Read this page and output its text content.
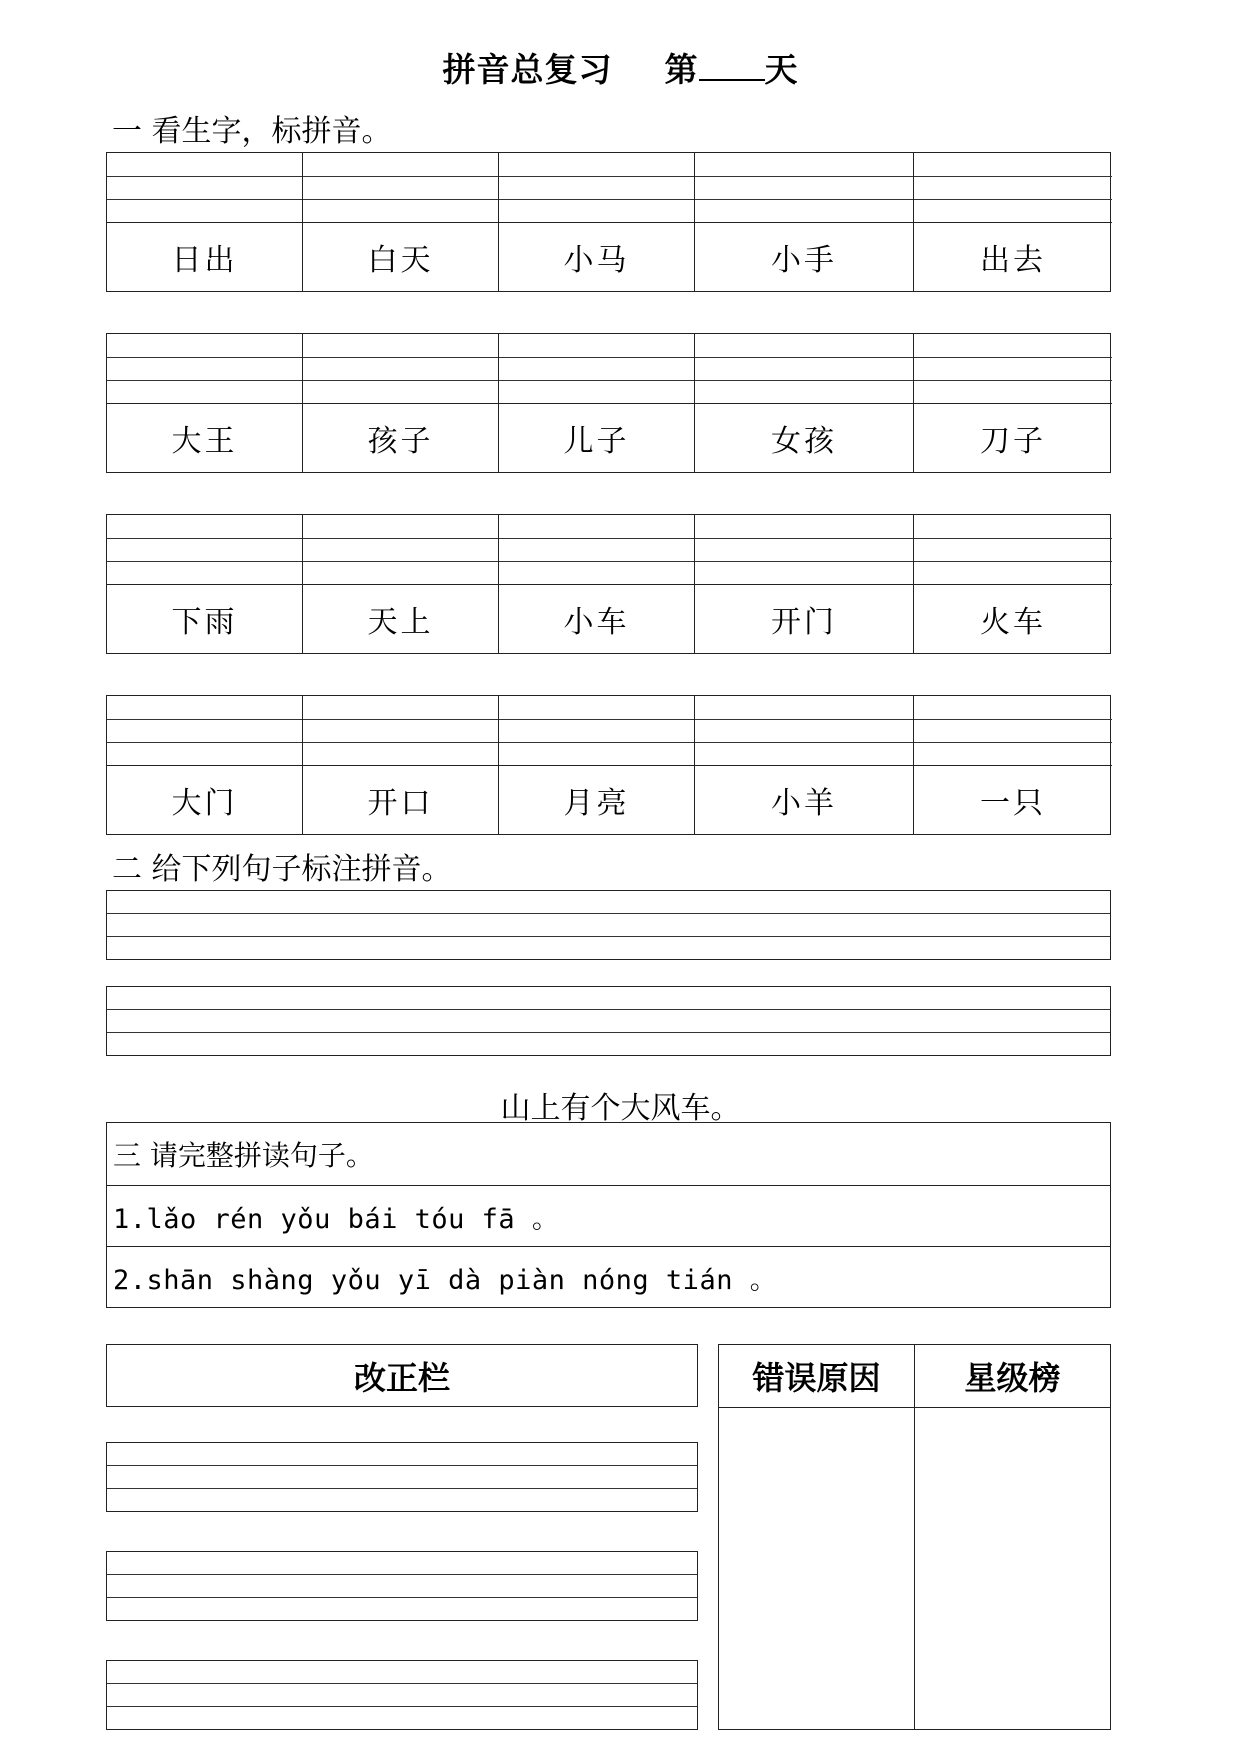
拼音总复习 第 天
一 看生字，标拼音。
日出	白天	小马	小手	出去
大王	孩子	儿子	女孩	刀子
下雨	天上	小车	开门	火车
大门	开口	月亮	小羊	一只
二 给下列句子标注拼音。
山上有个大风车。
三 请完整拼读句子。
1.lǎo rén yǒu bái tóu fā 。
2.shān shàng yǒu yī dà piàn nóng tián 。
改正栏	错误原因	星级榜
